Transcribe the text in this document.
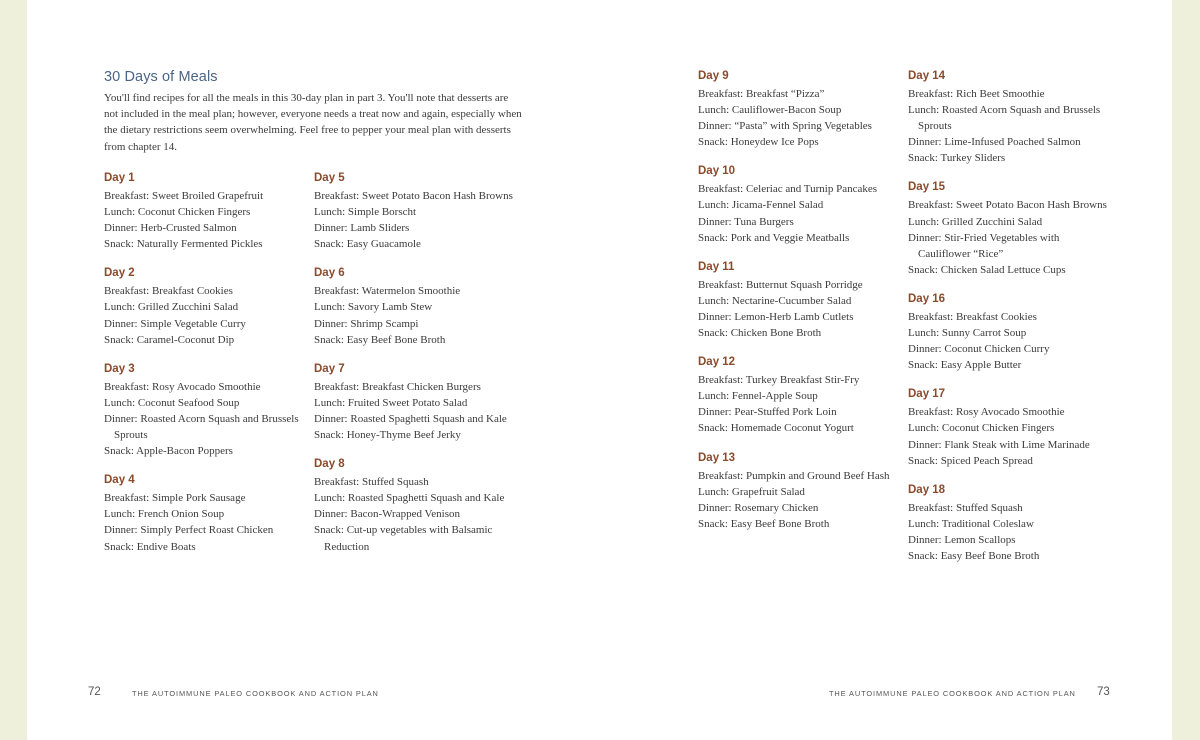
30 Days of Meals
You'll find recipes for all the meals in this 30-day plan in part 3. You'll note that desserts are not included in the meal plan; however, everyone needs a treat now and again, especially when the dietary restrictions seem overwhelming. Feel free to pepper your meal plan with desserts from chapter 14.
Day 1
Breakfast: Sweet Broiled Grapefruit
Lunch: Coconut Chicken Fingers
Dinner: Herb-Crusted Salmon
Snack: Naturally Fermented Pickles
Day 2
Breakfast: Breakfast Cookies
Lunch: Grilled Zucchini Salad
Dinner: Simple Vegetable Curry
Snack: Caramel-Coconut Dip
Day 3
Breakfast: Rosy Avocado Smoothie
Lunch: Coconut Seafood Soup
Dinner: Roasted Acorn Squash and Brussels Sprouts
Snack: Apple-Bacon Poppers
Day 4
Breakfast: Simple Pork Sausage
Lunch: French Onion Soup
Dinner: Simply Perfect Roast Chicken
Snack: Endive Boats
Day 5
Breakfast: Sweet Potato Bacon Hash Browns
Lunch: Simple Borscht
Dinner: Lamb Sliders
Snack: Easy Guacamole
Day 6
Breakfast: Watermelon Smoothie
Lunch: Savory Lamb Stew
Dinner: Shrimp Scampi
Snack: Easy Beef Bone Broth
Day 7
Breakfast: Breakfast Chicken Burgers
Lunch: Fruited Sweet Potato Salad
Dinner: Roasted Spaghetti Squash and Kale
Snack: Honey-Thyme Beef Jerky
Day 8
Breakfast: Stuffed Squash
Lunch: Roasted Spaghetti Squash and Kale
Dinner: Bacon-Wrapped Venison
Snack: Cut-up vegetables with Balsamic Reduction
Day 9
Breakfast: Breakfast “Pizza”
Lunch: Cauliflower-Bacon Soup
Dinner: “Pasta” with Spring Vegetables
Snack: Honeydew Ice Pops
Day 10
Breakfast: Celeriac and Turnip Pancakes
Lunch: Jicama-Fennel Salad
Dinner: Tuna Burgers
Snack: Pork and Veggie Meatballs
Day 11
Breakfast: Butternut Squash Porridge
Lunch: Nectarine-Cucumber Salad
Dinner: Lemon-Herb Lamb Cutlets
Snack: Chicken Bone Broth
Day 12
Breakfast: Turkey Breakfast Stir-Fry
Lunch: Fennel-Apple Soup
Dinner: Pear-Stuffed Pork Loin
Snack: Homemade Coconut Yogurt
Day 13
Breakfast: Pumpkin and Ground Beef Hash
Lunch: Grapefruit Salad
Dinner: Rosemary Chicken
Snack: Easy Beef Bone Broth
Day 14
Breakfast: Rich Beet Smoothie
Lunch: Roasted Acorn Squash and Brussels Sprouts
Dinner: Lime-Infused Poached Salmon
Snack: Turkey Sliders
Day 15
Breakfast: Sweet Potato Bacon Hash Browns
Lunch: Grilled Zucchini Salad
Dinner: Stir-Fried Vegetables with Cauliflower “Rice”
Snack: Chicken Salad Lettuce Cups
Day 16
Breakfast: Breakfast Cookies
Lunch: Sunny Carrot Soup
Dinner: Coconut Chicken Curry
Snack: Easy Apple Butter
Day 17
Breakfast: Rosy Avocado Smoothie
Lunch: Coconut Chicken Fingers
Dinner: Flank Steak with Lime Marinade
Snack: Spiced Peach Spread
Day 18
Breakfast: Stuffed Squash
Lunch: Traditional Coleslaw
Dinner: Lemon Scallops
Snack: Easy Beef Bone Broth
72	THE AUTOIMMUNE PALEO COOKBOOK AND ACTION PLAN	THE AUTOIMMUNE PALEO COOKBOOK AND ACTION PLAN 73
